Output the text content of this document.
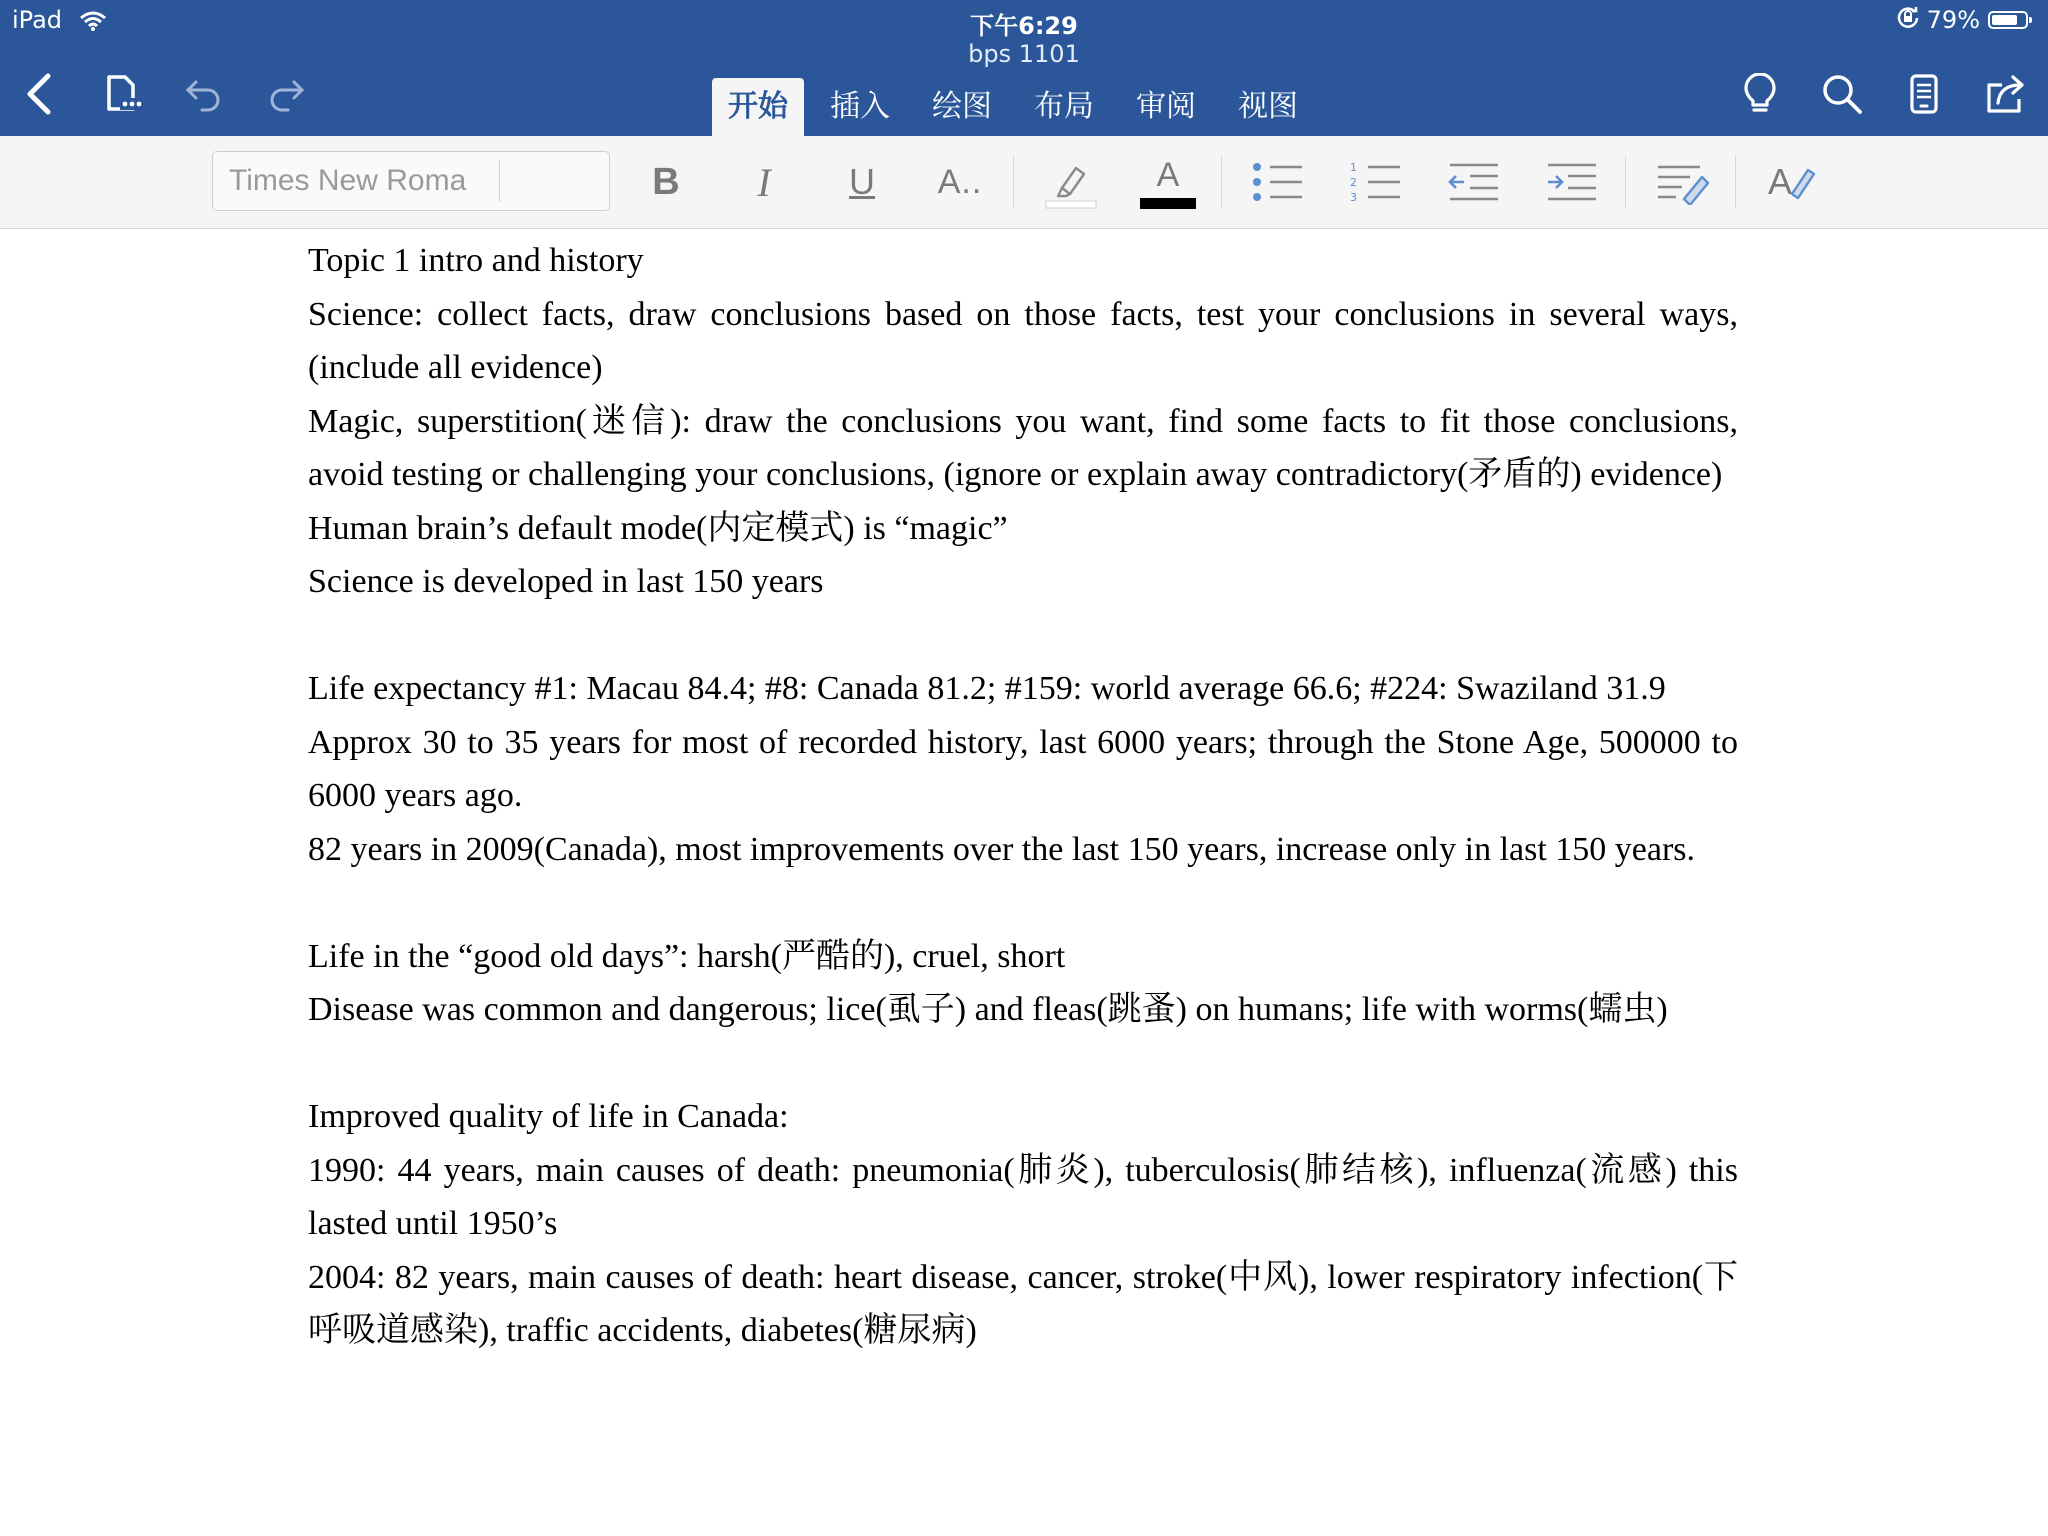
iPad	下午6:29
bps 1101
79%
开始	插入	绘图	布局	审阅	视图
Times New Roma	B I U A..	A	1
2
3	A

Topic 1 intro and history

Science: collect facts, draw conclusions based on those facts, test your conclusions in several ways, (include all evidence)

Magic, superstition(迷信): draw the conclusions you want, find some facts to fit those conclusions, avoid testing or challenging your conclusions, (ignore or explain away contradictory(矛盾的) evidence)

Human brain’s default mode(内定模式) is “magic”

Science is developed in last 150 years

Life expectancy #1: Macau 84.4; #8: Canada 81.2; #159: world average 66.6; #224: Swaziland 31.9

Approx 30 to 35 years for most of recorded history, last 6000 years; through the Stone Age, 500000 to 6000 years ago.

82 years in 2009(Canada), most improvements over the last 150 years, increase only in last 150 years.

Life in the “good old days”: harsh(严酷的), cruel, short

Disease was common and dangerous; lice(虱子) and fleas(跳蚤) on humans; life with worms(蠕虫)

Improved quality of life in Canada:

1990: 44 years, main causes of death: pneumonia(肺炎), tuberculosis(肺结核), influenza(流感) this lasted until 1950’s

2004: 82 years, main causes of death: heart disease, cancer, stroke(中风), lower respiratory infection(下呼吸道感染), traffic accidents, diabetes(糖尿病)
